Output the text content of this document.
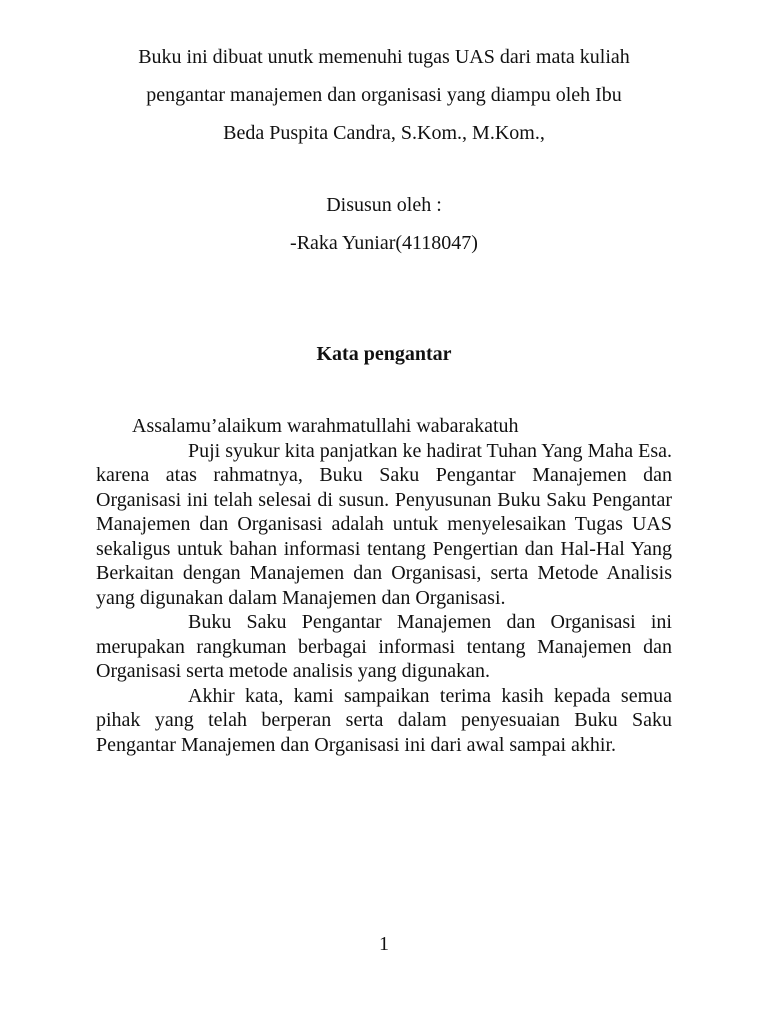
Buku ini dibuat unutk memenuhi tugas UAS dari mata kuliah
pengantar manajemen dan organisasi yang diampu oleh Ibu
Beda Puspita Candra, S.Kom., M.Kom.,
Disusun oleh :
-Raka Yuniar(4118047)
Kata pengantar
Assalamu’alaikum warahmatullahi wabarakatuh

Puji syukur kita panjatkan ke hadirat Tuhan Yang Maha Esa. karena atas rahmatnya, Buku Saku Pengantar Manajemen dan Organisasi ini telah selesai di susun. Penyusunan Buku Saku Pengantar Manajemen dan Organisasi adalah untuk menyelesaikan Tugas UAS sekaligus untuk bahan informasi tentang Pengertian dan Hal-Hal Yang Berkaitan dengan Manajemen dan Organisasi, serta Metode Analisis yang digunakan dalam Manajemen dan Organisasi.

Buku Saku Pengantar Manajemen dan Organisasi ini merupakan rangkuman berbagai informasi tentang Manajemen dan Organisasi serta metode analisis yang digunakan.

Akhir kata, kami sampaikan terima kasih kepada semua pihak yang telah berperan serta dalam penyesuaian Buku Saku Pengantar Manajemen dan Organisasi ini dari awal sampai akhir.

1
